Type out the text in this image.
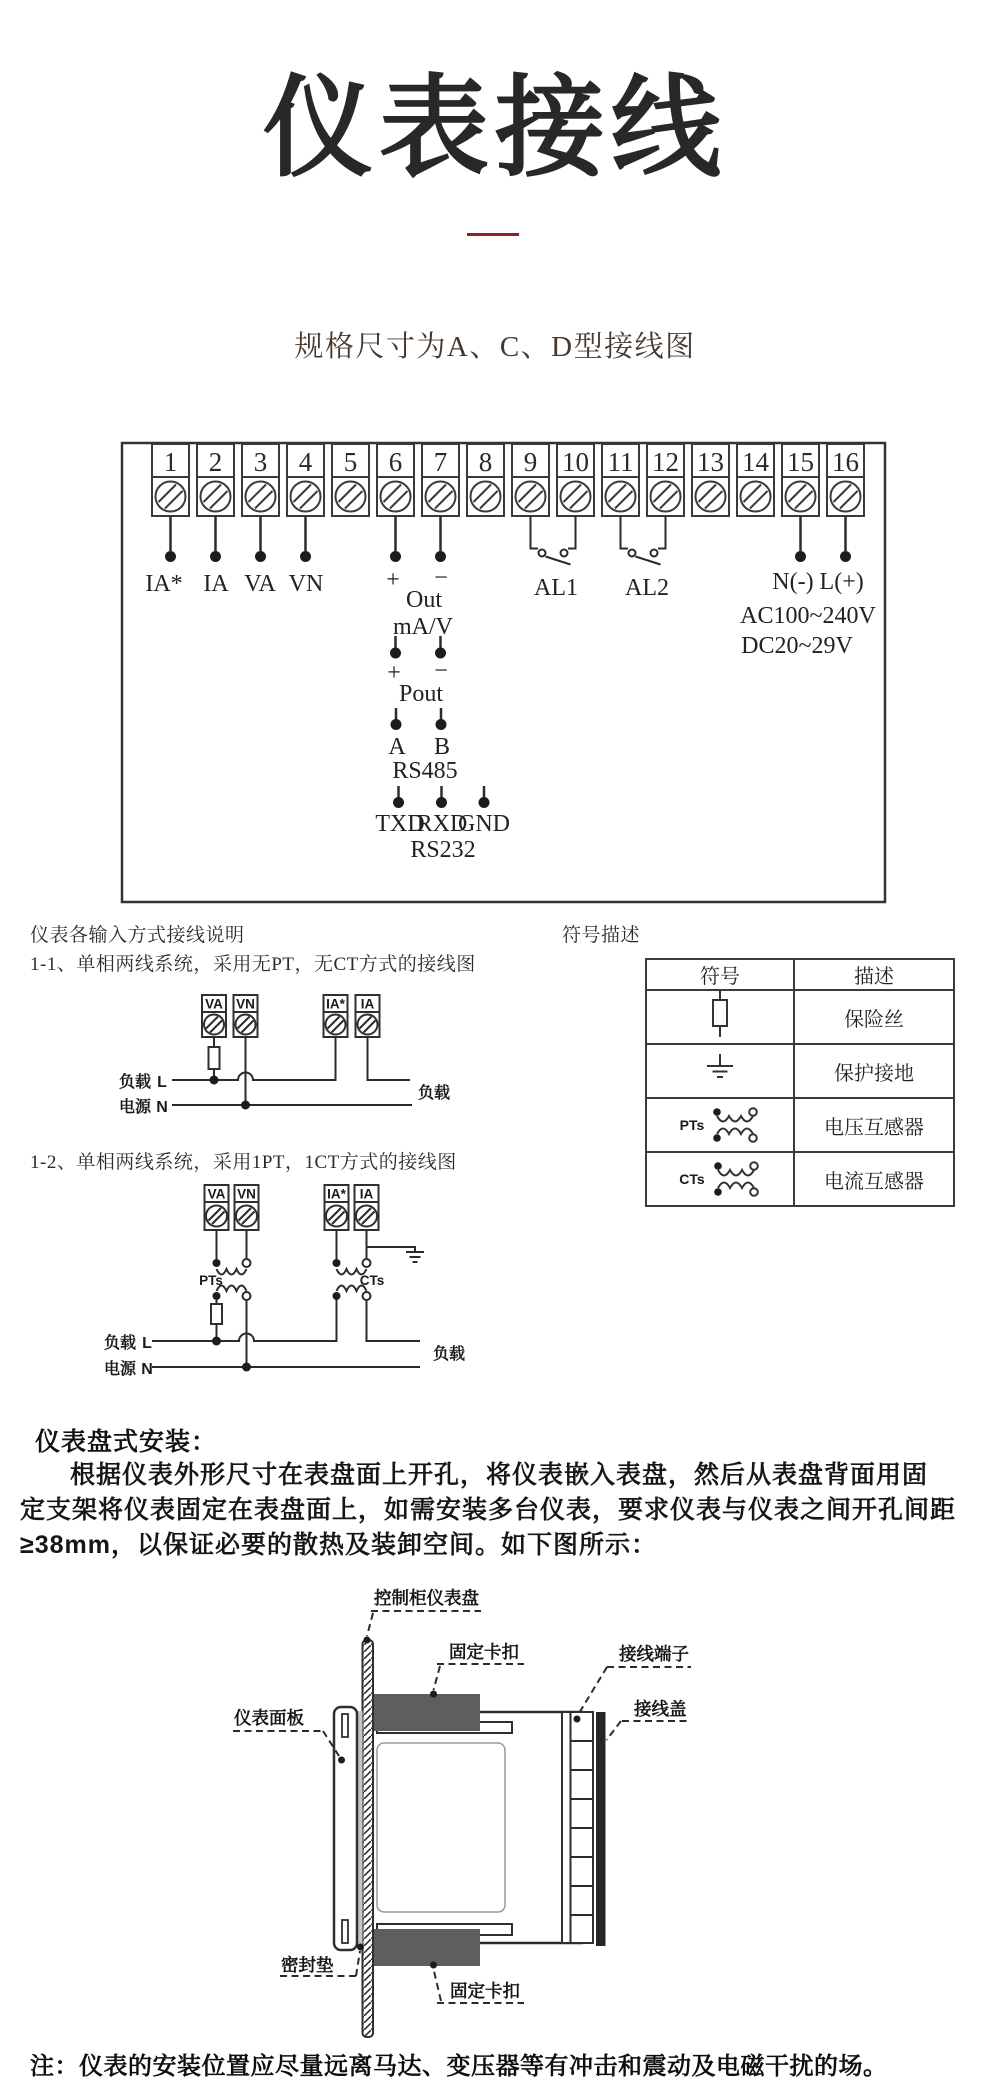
仪表接线
规格尺寸为A、C、D型接线图
仪表各输入方式接线说明	符号描述
1-1、单相两线系统，采用无PT，无CT方式的接线图
1-2、单相两线系统，采用1PT，1CT方式的接线图
1 2 3 4 5 6 7 8 9 10 11 12 13 14 15 16
IA* IA VA VN	+ −
Out
mA/V
AL1 AL2	N(-) L(+)
AC100~240V
DC20~29V
+ −
Pout
A B
RS485
TXD
RXD
GND
RS232
VA VN	IA* IA
负载 L
电源 N
负载
VA VN	IA* IA
PTs	CTs
负载 L
电源 N
负载
控制柜仪表盘
固定卡扣	接线端子
接线盖
仪表面板
密封垫
固定卡扣
符号	描述
	保险丝
	保护接地

PTs	电压互感器

CTs	电流互感器
仪表盘式安装：
根据仪表外形尺寸在表盘面上开孔，将仪表嵌入表盘，然后从表盘背面用固
定支架将仪表固定在表盘面上，如需安装多台仪表，要求仪表与仪表之间开孔间距
≥38mm，以保证必要的散热及装卸空间。如下图所示：
注：仪表的安装位置应尽量远离马达、变压器等有冲击和震动及电磁干扰的场。
